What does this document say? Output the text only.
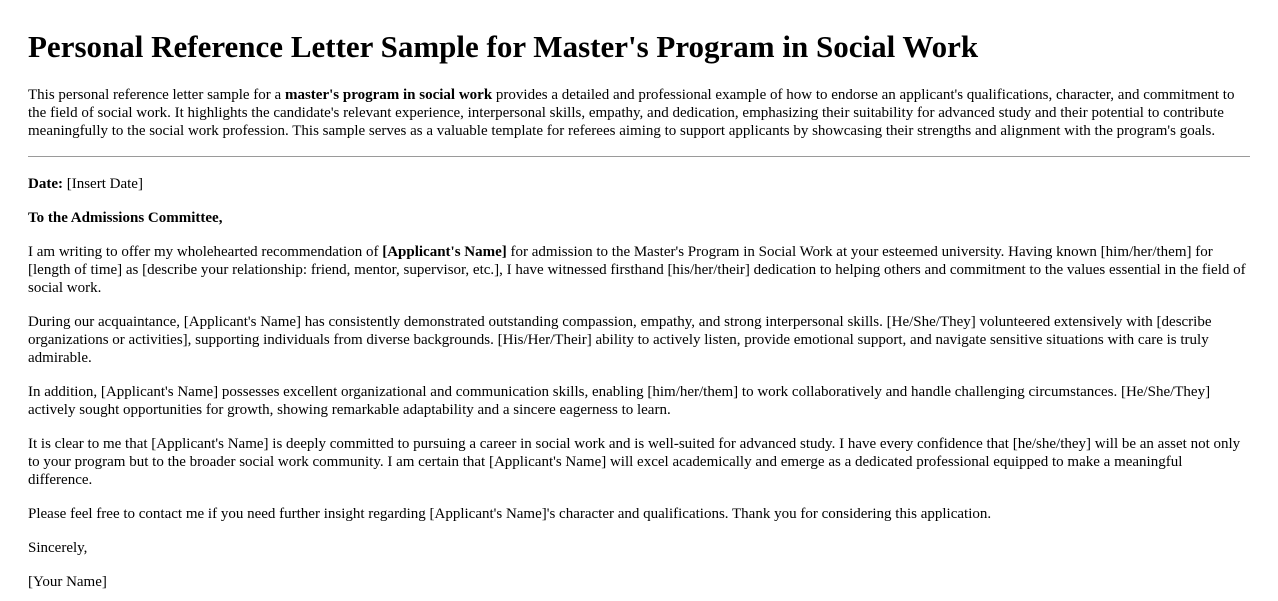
Personal Reference Letter Sample for Master's Program in Social Work

This personal reference letter sample for a master's program in social work provides a detailed and professional example of how to endorse an applicant's qualifications, character, and commitment to the field of social work. It highlights the candidate's relevant experience, interpersonal skills, empathy, and dedication, emphasizing their suitability for advanced study and their potential to contribute meaningfully to the social work profession. This sample serves as a valuable template for referees aiming to support applicants by showcasing their strengths and alignment with the program's goals.

Date: [Insert Date]

To the Admissions Committee,

I am writing to offer my wholehearted recommendation of [Applicant's Name] for admission to the Master's Program in Social Work at your esteemed university. Having known [him/her/them] for [length of time] as [describe your relationship: friend, mentor, supervisor, etc.], I have witnessed firsthand [his/her/their] dedication to helping others and commitment to the values essential in the field of social work.

During our acquaintance, [Applicant's Name] has consistently demonstrated outstanding compassion, empathy, and strong interpersonal skills. [He/She/They] volunteered extensively with [describe organizations or activities], supporting individuals from diverse backgrounds. [His/Her/Their] ability to actively listen, provide emotional support, and navigate sensitive situations with care is truly admirable.

In addition, [Applicant's Name] possesses excellent organizational and communication skills, enabling [him/her/them] to work collaboratively and handle challenging circumstances. [He/She/They] actively sought opportunities for growth, showing remarkable adaptability and a sincere eagerness to learn.

It is clear to me that [Applicant's Name] is deeply committed to pursuing a career in social work and is well-suited for advanced study. I have every confidence that [he/she/they] will be an asset not only to your program but to the broader social work community. I am certain that [Applicant's Name] will excel academically and emerge as a dedicated professional equipped to make a meaningful difference.

Please feel free to contact me if you need further insight regarding [Applicant's Name]'s character and qualifications. Thank you for considering this application.

Sincerely,

[Your Name]
